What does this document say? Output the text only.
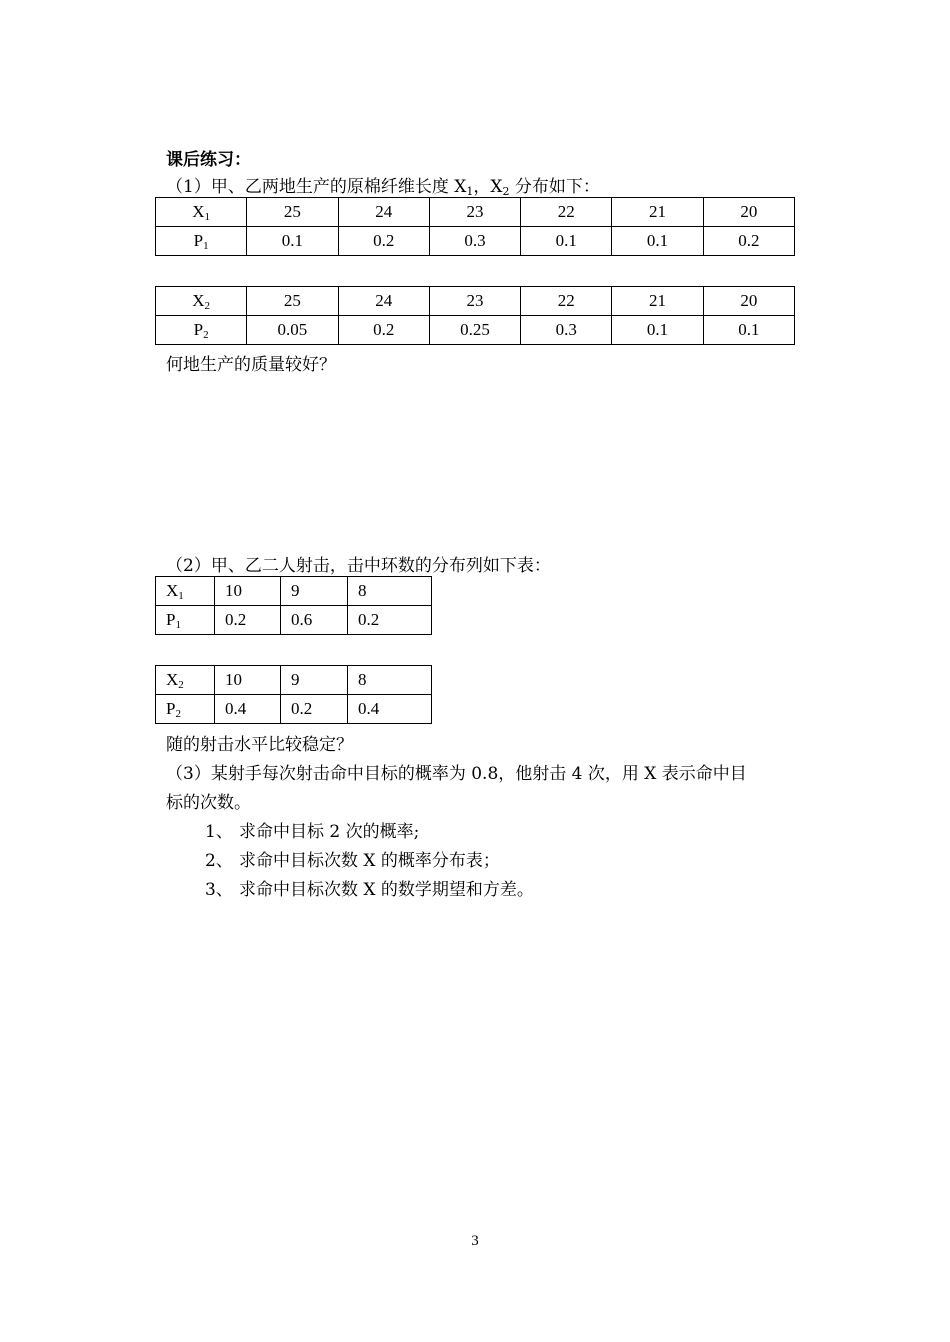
课后练习：
（1）甲、乙两地生产的原棉纤维长度 $X_1$，$X_2$ 分布如下：
$X_1$	25	24	23	22	21	20
$P_1$	0.1	0.2	0.3	0.1	0.1	0.2
$X_2$	25	24	23	22	21	20
$P_2$	0.05	0.2	0.25	0.3	0.1	0.1
何地生产的质量较好？
（2）甲、乙二人射击，击中环数的分布列如下表：
$X_1$	10	9	8
$P_1$	0.2	0.6	0.2
$X_2$	10	9	8
$P_2$	0.4	0.2	0.4
随的射击水平比较稳定？
（3）某射手每次射击命中目标的概率为 0.8，他射击 4 次，用 X 表示命中目
标的次数。
1、 求命中目标 2 次的概率;
2、 求命中目标次数 X 的概率分布表；
3、 求命中目标次数 X 的数学期望和方差。
3
